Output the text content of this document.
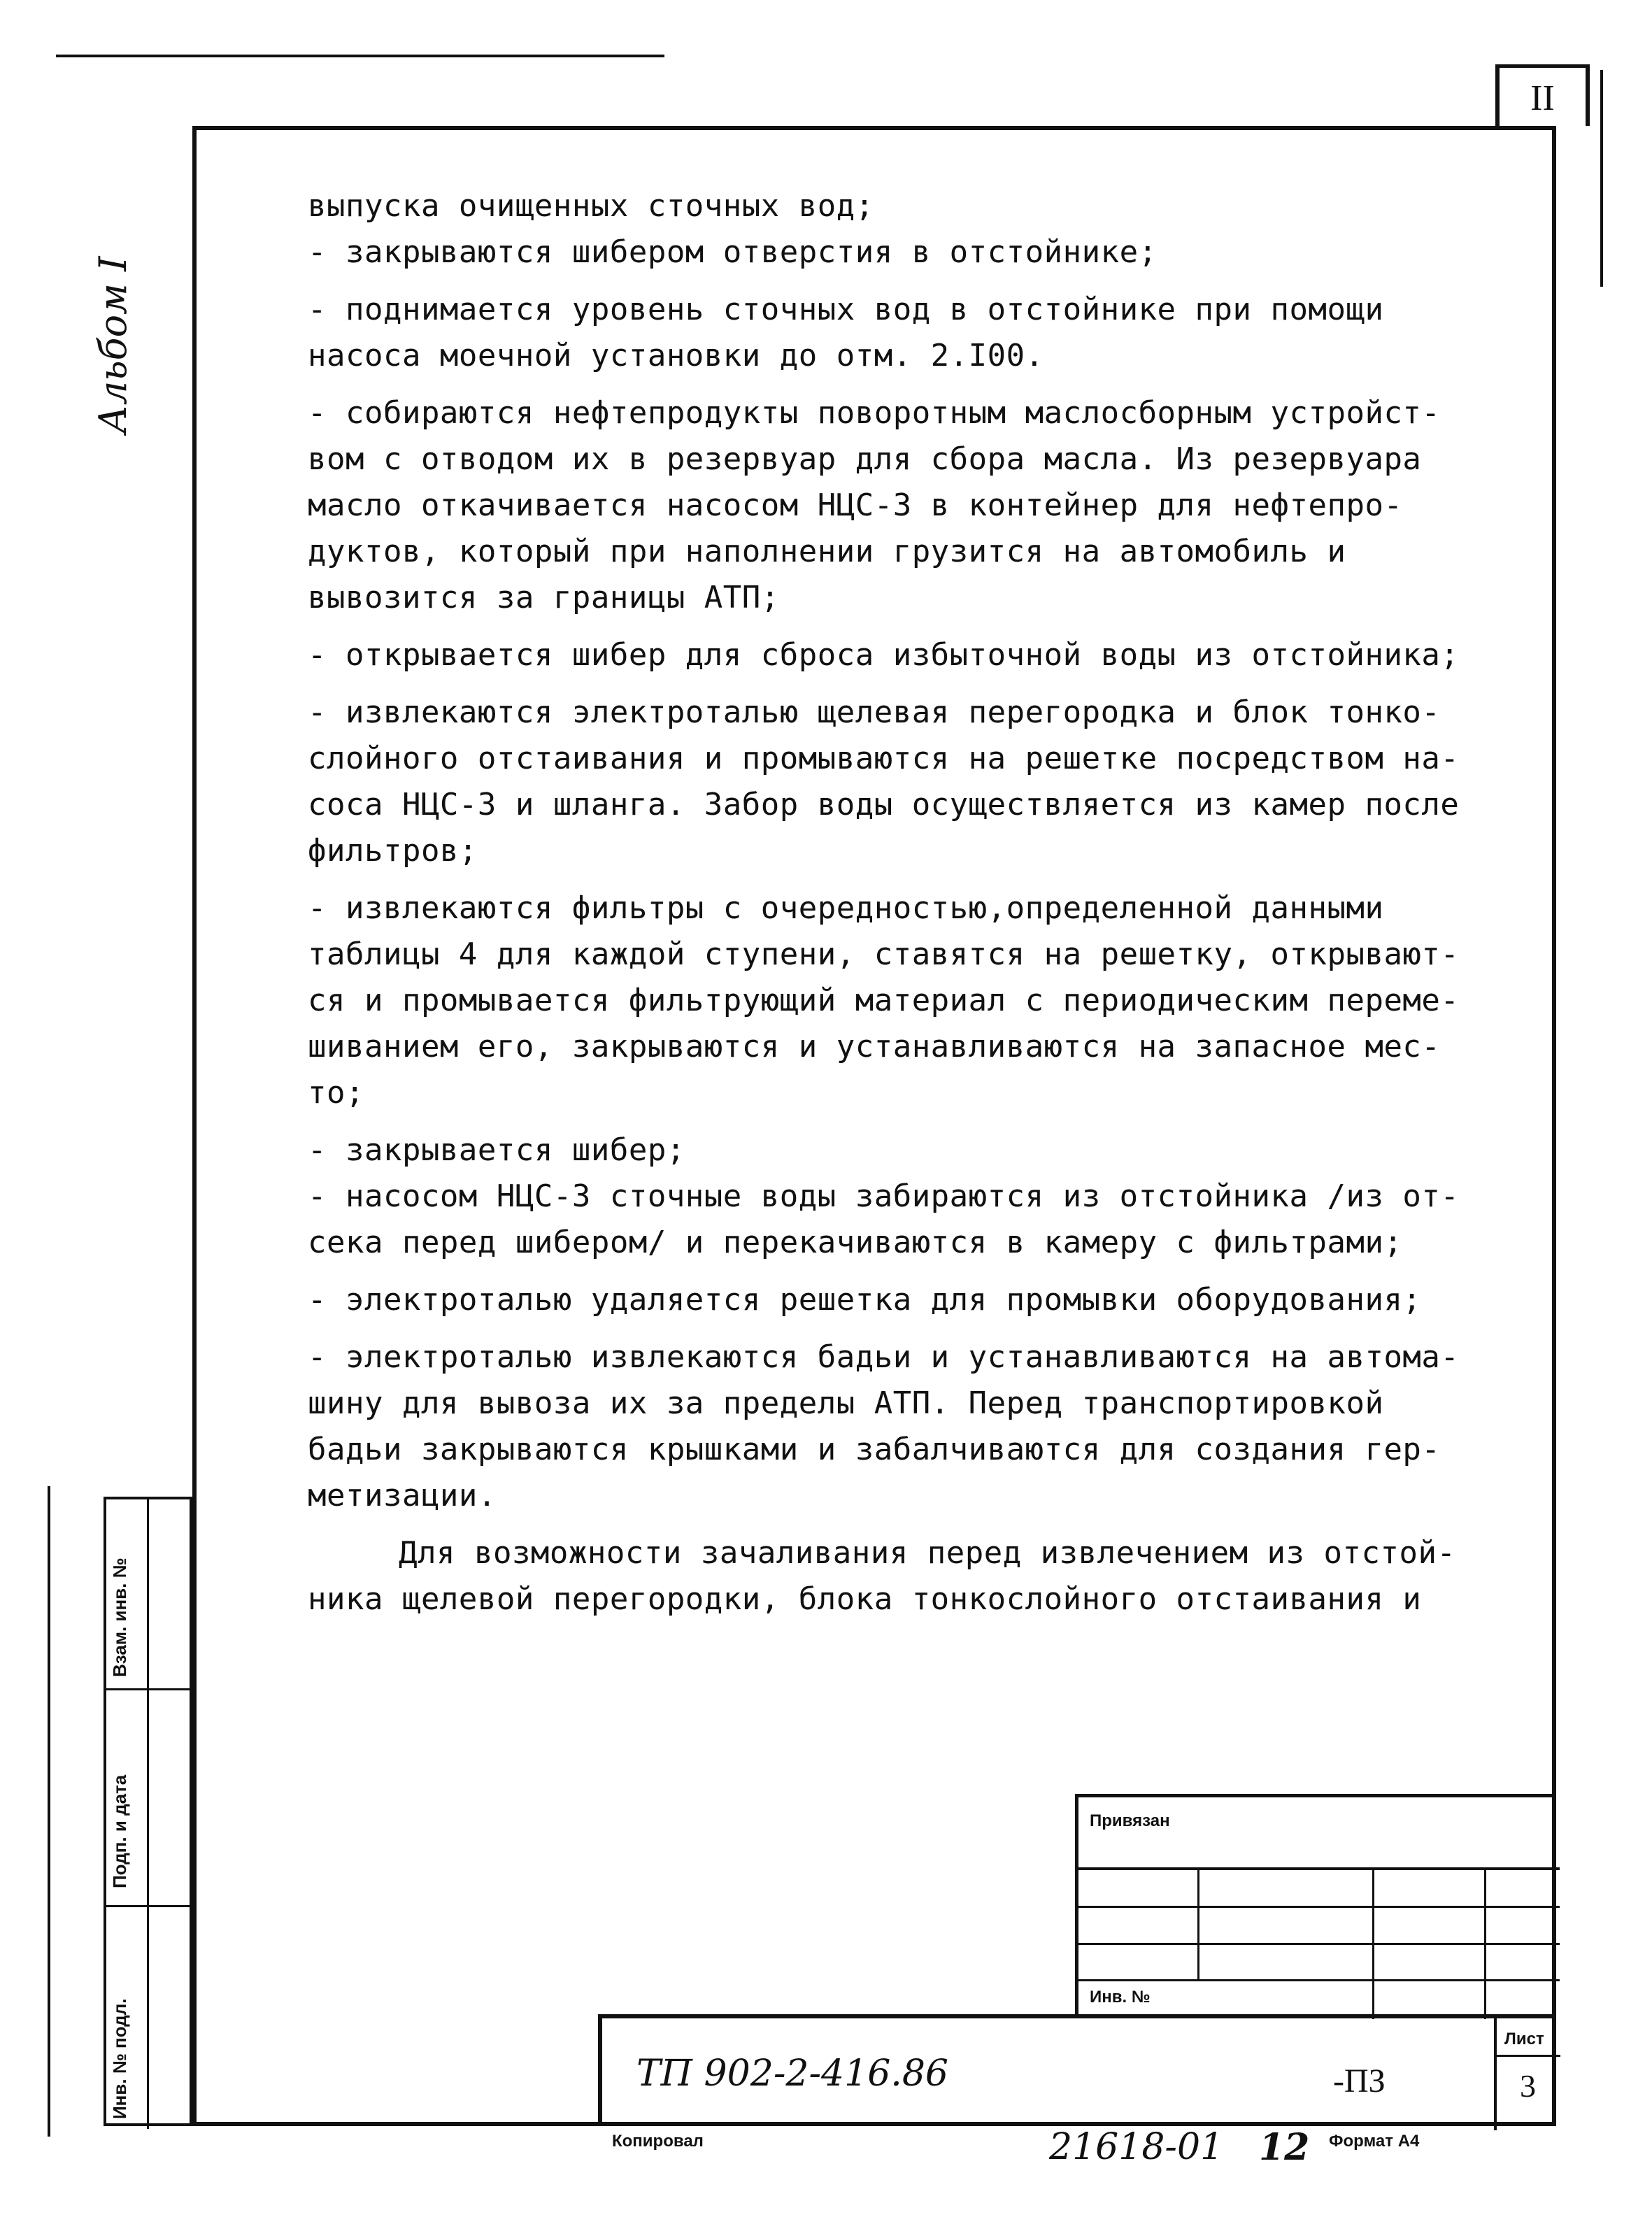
II
Альбом I
Взам. инв. №
Подп. и дата
Инв. № подл.

выпуска очищенных сточных вод;
- закрываются шибером отверстия в отстойнике;

- поднимается уровень сточных вод в отстойнике при помощи
насоса моечной установки до отм. 2.I00.

- собираются нефтепродукты поворотным маслосборным устройст-
вом с отводом их в резервуар для сбора масла. Из резервуара
масло откачивается насосом НЦС-3 в контейнер для нефтепро-
дуктов, который при наполнении грузится на автомобиль и
вывозится за границы АТП;

- открывается шибер для сброса избыточной воды из отстойника;

- извлекаются электроталью щелевая перегородка и блок тонко-
слойного отстаивания и промываются на решетке посредством на-
соса НЦС-3 и шланга. Забор воды осуществляется из камер после
фильтров;

- извлекаются фильтры с очередностью,определенной данными
таблицы 4 для каждой ступени, ставятся на решетку, открывают-
ся и промывается фильтрующий материал с периодическим переме-
шиванием его, закрываются и устанавливаются на запасное мес-
то;

- закрывается шибер;
- насосом НЦС-3 сточные воды забираются из отстойника /из от-
сека перед шибером/ и перекачиваются в камеру с фильтрами;

- электроталью удаляется решетка для промывки оборудования;

- электроталью извлекаются бадьи и устанавливаются на автома-
шину для вывоза их за пределы АТП. Перед транспортировкой
бадьи закрываются крышками и забалчиваются для создания гер-
метизации.

Для возможности зачаливания перед извлечением из отстой-
ника щелевой перегородки, блока тонкослойного отстаивания и

Привязан
Инв. №
Лист
3
-ПЗ
ТП 902-2-416.86
Копировал	21618-01 12 Формат А4
